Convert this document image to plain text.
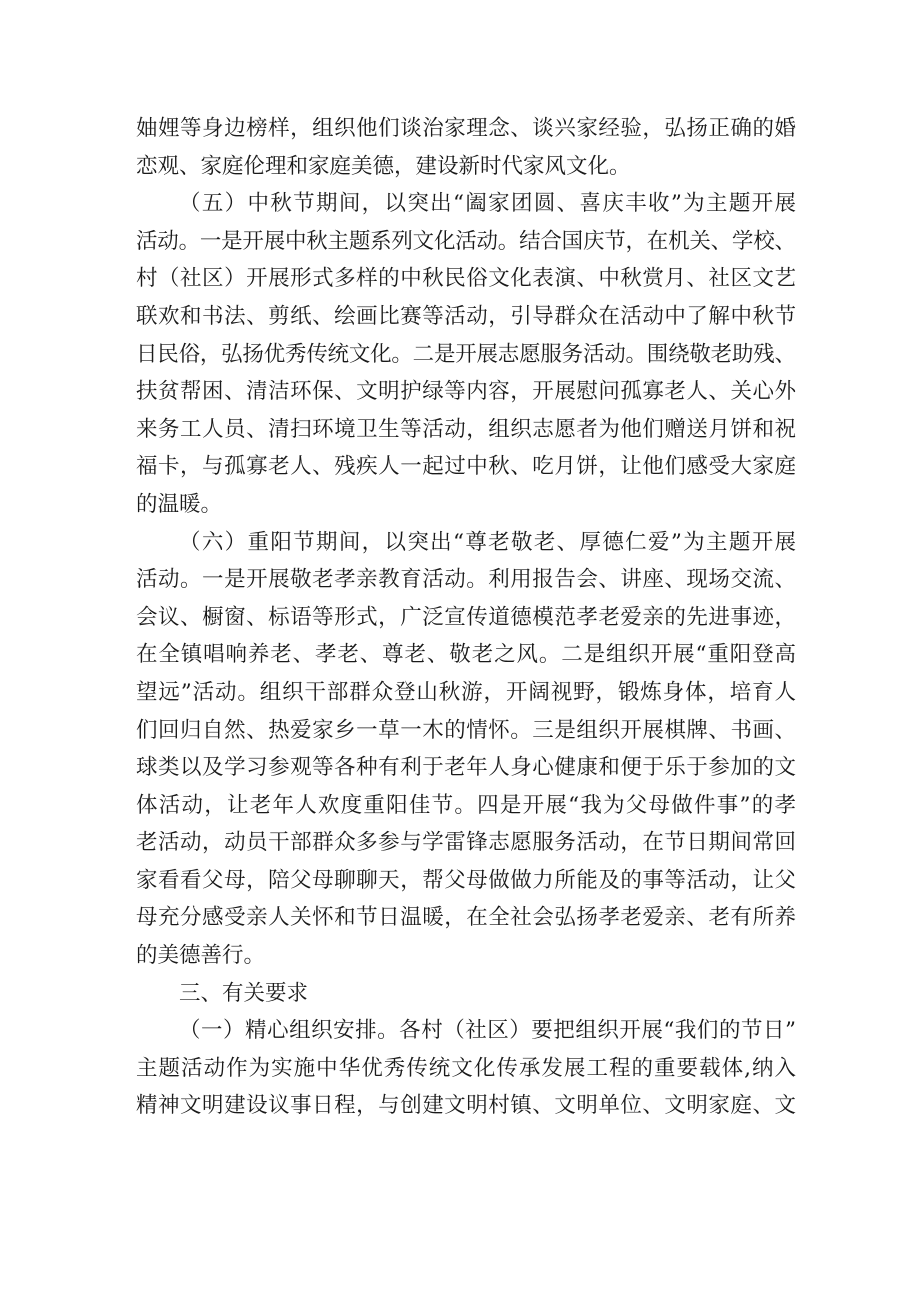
妯娌等身边榜样，组织他们谈治家理念、谈兴家经验，弘扬正确的婚
恋观、家庭伦理和家庭美德，建设新时代家风文化。
（五）中秋节期间，以突出“阖家团圆、喜庆丰收”为主题开展
活动。一是开展中秋主题系列文化活动。结合国庆节，在机关、学校、
村（社区）开展形式多样的中秋民俗文化表演、中秋赏月、社区文艺
联欢和书法、剪纸、绘画比赛等活动，引导群众在活动中了解中秋节
日民俗，弘扬优秀传统文化。二是开展志愿服务活动。围绕敬老助残、
扶贫帮困、清洁环保、文明护绿等内容，开展慰问孤寡老人、关心外
来务工人员、清扫环境卫生等活动，组织志愿者为他们赠送月饼和祝
福卡，与孤寡老人、残疾人一起过中秋、吃月饼，让他们感受大家庭
的温暖。
（六）重阳节期间，以突出“尊老敬老、厚德仁爱”为主题开展
活动。一是开展敬老孝亲教育活动。利用报告会、讲座、现场交流、
会议、橱窗、标语等形式，广泛宣传道德模范孝老爱亲的先进事迹，
在全镇唱响养老、孝老、尊老、敬老之风。二是组织开展“重阳登高
望远”活动。组织干部群众登山秋游，开阔视野，锻炼身体，培育人
们回归自然、热爱家乡一草一木的情怀。三是组织开展棋牌、书画、
球类以及学习参观等各种有利于老年人身心健康和便于乐于参加的文
体活动，让老年人欢度重阳佳节。四是开展“我为父母做件事”的孝
老活动，动员干部群众多参与学雷锋志愿服务活动，在节日期间常回
家看看父母，陪父母聊聊天，帮父母做做力所能及的事等活动，让父
母充分感受亲人关怀和节日温暖，在全社会弘扬孝老爱亲、老有所养
的美德善行。
三、有关要求
（一）精心组织安排。各村（社区）要把组织开展“我们的节日”
主题活动作为实施中华优秀传统文化传承发展工程的重要载体,纳入
精神文明建设议事日程，与创建文明村镇、文明单位、文明家庭、文
